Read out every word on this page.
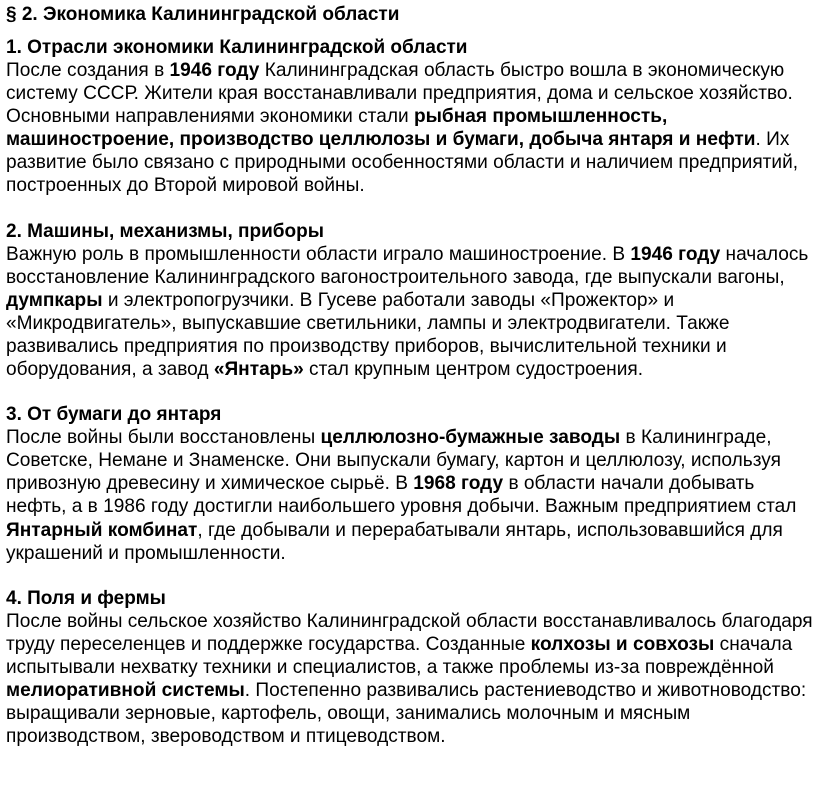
§ 2. Экономика Калининградской области
1. Отрасли экономики Калининградской области

После создания в 1946 году Калининградская область быстро вошла в экономическую систему СССР. Жители края восстанавливали предприятия, дома и сельское хозяйство. Основными направлениями экономики стали рыбная промышленность, машиностроение, производство целлюлозы и бумаги, добыча янтаря и нефти. Их развитие было связано с природными особенностями области и наличием предприятий, построенных до Второй мировой войны.

2. Машины, механизмы, приборы

Важную роль в промышленности области играло машиностроение. В 1946 году началось восстановление Калининградского вагоностроительного завода, где выпускали вагоны, думпкары и электропогрузчики. В Гусеве работали заводы «Прожектор» и «Микродвигатель», выпускавшие светильники, лампы и электродвигатели. Также развивались предприятия по производству приборов, вычислительной техники и оборудования, а завод «Янтарь» стал крупным центром судостроения.

3. От бумаги до янтаря

После войны были восстановлены целлюлозно-бумажные заводы в Калининграде, Советске, Немане и Знаменске. Они выпускали бумагу, картон и целлюлозу, используя привозную древесину и химическое сырьё. В 1968 году в области начали добывать нефть, а в 1986 году достигли наибольшего уровня добычи. Важным предприятием стал Янтарный комбинат, где добывали и перерабатывали янтарь, использовавшийся для украшений и промышленности.

4. Поля и фермы

После войны сельское хозяйство Калининградской области восстанавливалось благодаря труду переселенцев и поддержке государства. Созданные колхозы и совхозы сначала испытывали нехватку техники и специалистов, а также проблемы из-за повреждённой мелиоративной системы. Постепенно развивались растениеводство и животноводство: выращивали зерновые, картофель, овощи, занимались молочным и мясным производством, звероводством и птицеводством.
